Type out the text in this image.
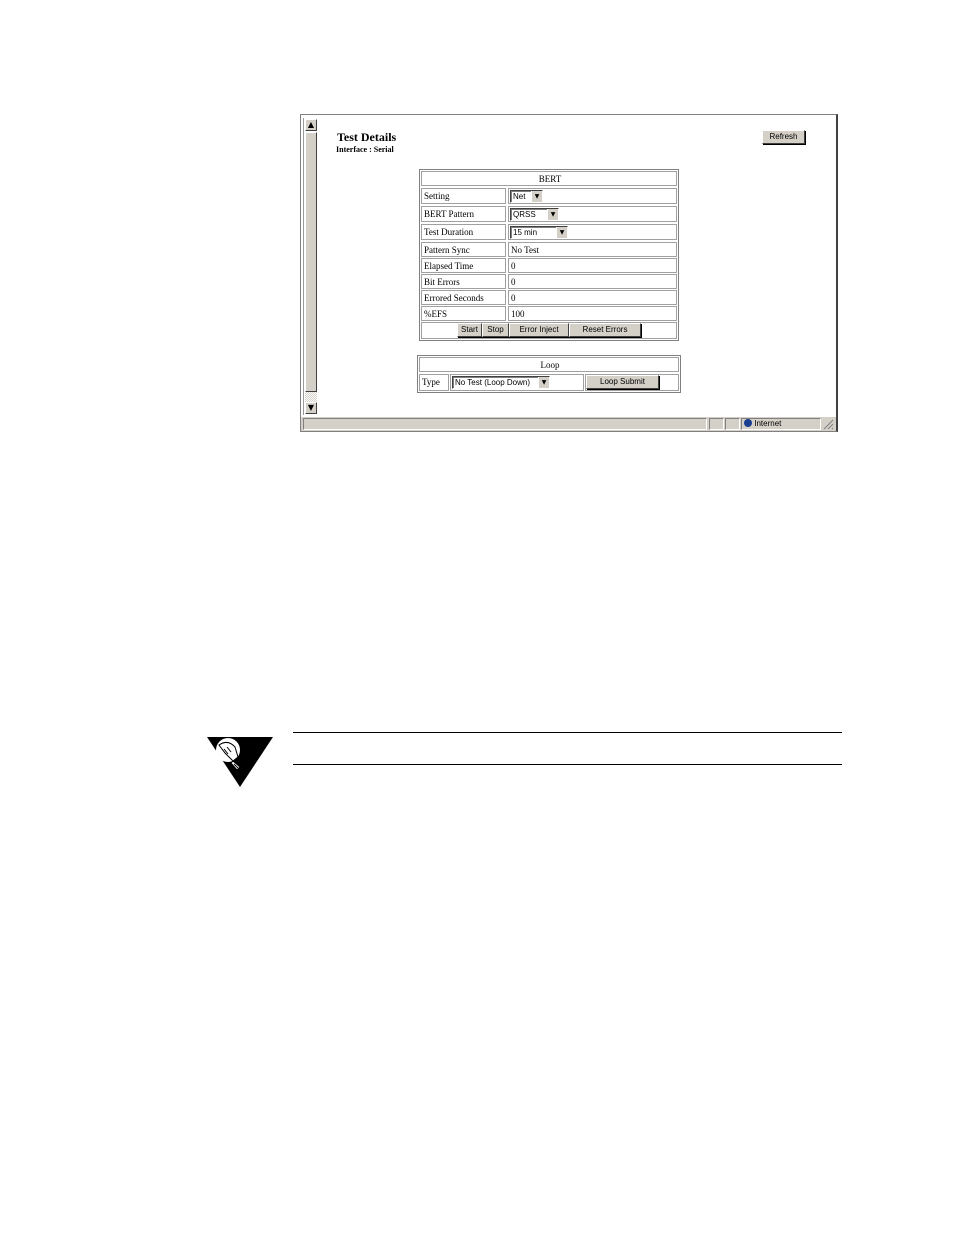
▲
▼
Test Details
Interface : Serial
Refresh
BERT
Setting	Net	▼
BERT Pattern	QRSS	▼
Test Duration	15 min	▼
Pattern Sync	No Test
Elapsed Time	0
Bit Errors	0
Errored Seconds	0
%EFS	100
Start	Stop	Error Inject	Reset Errors
Loop
Type	No Test (Loop Down)	▼	Loop Submit
Internet
